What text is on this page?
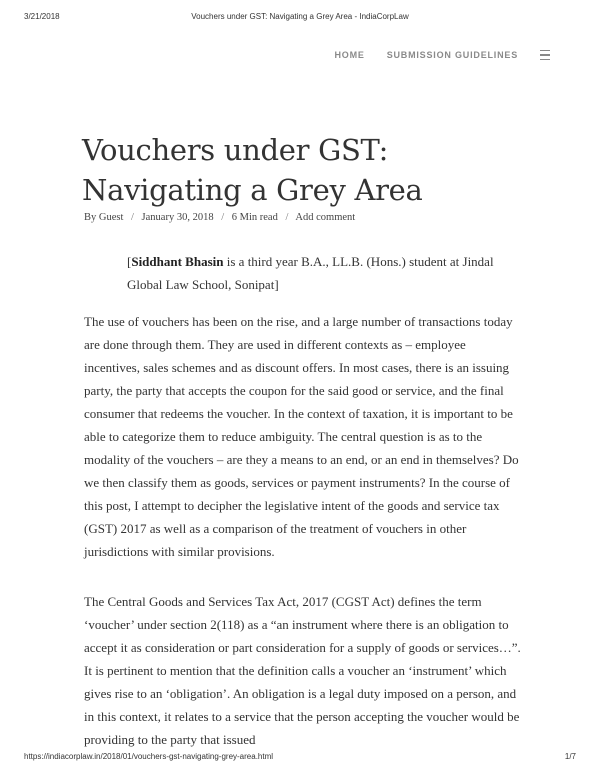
3/21/2018	Vouchers under GST: Navigating a Grey Area - IndiaCorpLaw
HOME SUBMISSION GUIDELINES
Vouchers under GST: Navigating a Grey Area
By Guest / January 30, 2018 / 6 Min read / Add comment

[Siddhant Bhasin is a third year B.A., LL.B. (Hons.) student at Jindal Global Law School, Sonipat]

The use of vouchers has been on the rise, and a large number of transactions today are done through them. They are used in different contexts as – employee incentives, sales schemes and as discount offers. In most cases, there is an issuing party, the party that accepts the coupon for the said good or service, and the final consumer that redeems the voucher. In the context of taxation, it is important to be able to categorize them to reduce ambiguity. The central question is as to the modality of the vouchers – are they a means to an end, or an end in themselves? Do we then classify them as goods, services or payment instruments? In the course of this post, I attempt to decipher the legislative intent of the goods and service tax (GST) 2017 as well as a comparison of the treatment of vouchers in other jurisdictions with similar provisions.

The Central Goods and Services Tax Act, 2017 (CGST Act) defines the term ‘voucher’ under section 2(118) as a “an instrument where there is an obligation to accept it as consideration or part consideration for a supply of goods or services…”. It is pertinent to mention that the definition calls a voucher an ‘instrument’ which gives rise to an ‘obligation’. An obligation is a legal duty imposed on a person, and in this context, it relates to a service that the person accepting the voucher would be providing to the party that issued

https://indiacorplaw.in/2018/01/vouchers-gst-navigating-grey-area.html	1/7
